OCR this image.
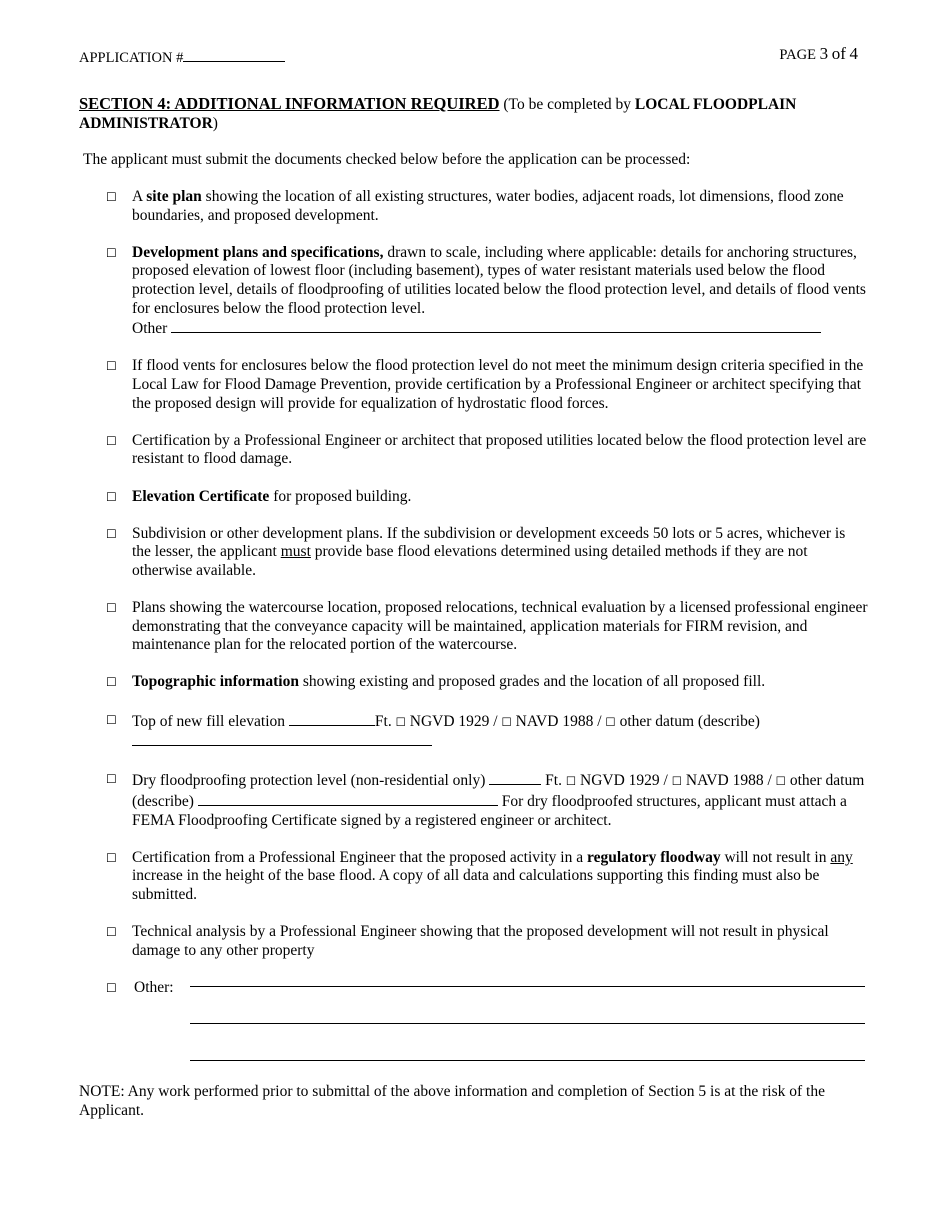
APPLICATION #	PAGE 3 of 4
SECTION 4: ADDITIONAL INFORMATION REQUIRED (To be completed by LOCAL FLOODPLAIN ADMINISTRATOR)
The applicant must submit the documents checked below before the application can be processed:
☐ A site plan showing the location of all existing structures, water bodies, adjacent roads, lot dimensions, flood zone boundaries, and proposed development.
☐ Development plans and specifications, drawn to scale, including where applicable: details for anchoring structures, proposed elevation of lowest floor (including basement), types of water resistant materials used below the flood protection level, details of floodproofing of utilities located below the flood protection level, and details of flood vents for enclosures below the flood protection level.
Other
☐ If flood vents for enclosures below the flood protection level do not meet the minimum design criteria specified in the Local Law for Flood Damage Prevention, provide certification by a Professional Engineer or architect specifying that the proposed design will provide for equalization of hydrostatic flood forces.
☐ Certification by a Professional Engineer or architect that proposed utilities located below the flood protection level are resistant to flood damage.
☐ Elevation Certificate for proposed building.
☐ Subdivision or other development plans. If the subdivision or development exceeds 50 lots or 5 acres, whichever is the lesser, the applicant must provide base flood elevations determined using detailed methods if they are not otherwise available.
☐ Plans showing the watercourse location, proposed relocations, technical evaluation by a licensed professional engineer demonstrating that the conveyance capacity will be maintained, application materials for FIRM revision, and maintenance plan for the relocated portion of the watercourse.
☐ Topographic information showing existing and proposed grades and the location of all proposed fill.
☐ Top of new fill elevation	Ft. ☐ NGVD 1929 / ☐ NAVD 1988 / ☐ other datum (describe)

☐ Dry floodproofing protection level (non-residential only)	Ft. ☐ NGVD 1929 / ☐ NAVD 1988 / ☐ other datum (describe)	For dry floodproofed structures, applicant must attach a FEMA Floodproofing Certificate signed by a registered engineer or architect.
☐ Certification from a Professional Engineer that the proposed activity in a regulatory floodway will not result in any increase in the height of the base flood. A copy of all data and calculations supporting this finding must also be submitted.
☐ Technical analysis by a Professional Engineer showing that the proposed development will not result in physical damage to any other property
☐ Other:
NOTE: Any work performed prior to submittal of the above information and completion of Section 5 is at the risk of the Applicant.
